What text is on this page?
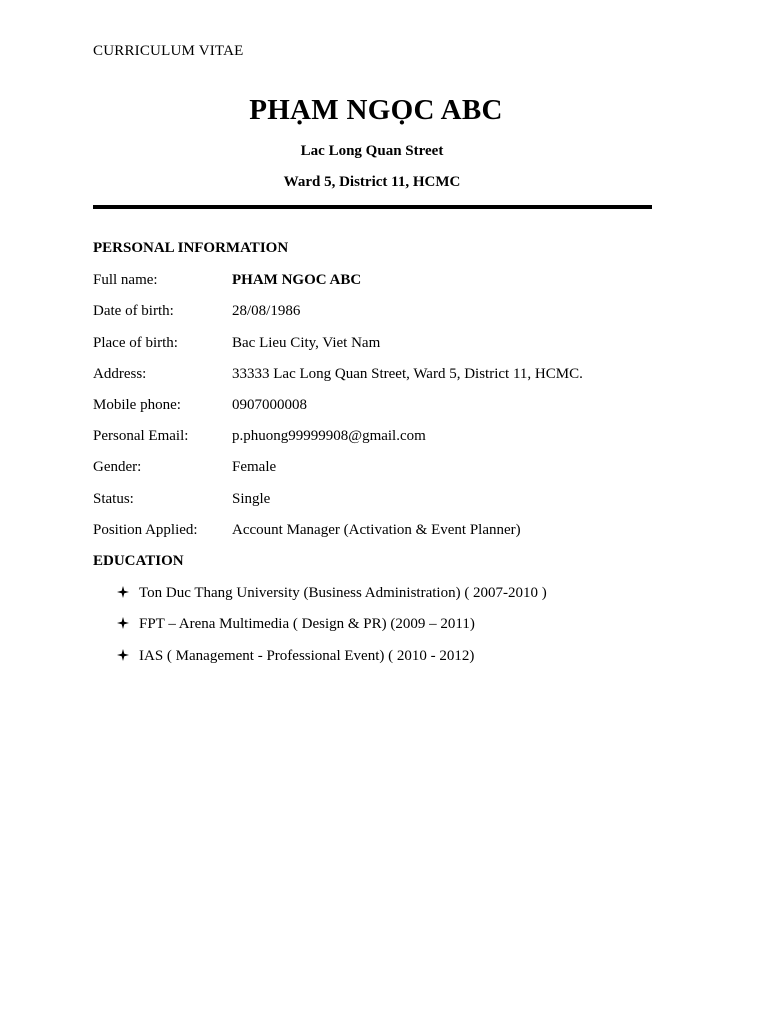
CURRICULUM VITAE
PHẠM NGỌC ABC
Lac Long Quan Street
Ward 5, District 11, HCMC
PERSONAL INFORMATION
Full name:	PHAM NGOC ABC
Date of birth:	28/08/1986
Place of birth:	Bac Lieu City, Viet Nam
Address:	33333 Lac Long Quan Street, Ward 5, District 11, HCMC.
Mobile phone:	0907000008
Personal Email:	p.phuong99999908@gmail.com
Gender:	Female
Status:	Single
Position Applied: Account Manager (Activation & Event Planner)
EDUCATION
Ton Duc Thang University (Business Administration) ( 2007-2010 )
FPT – Arena Multimedia ( Design & PR) (2009 – 2011)
IAS ( Management - Professional Event) ( 2010 - 2012)
